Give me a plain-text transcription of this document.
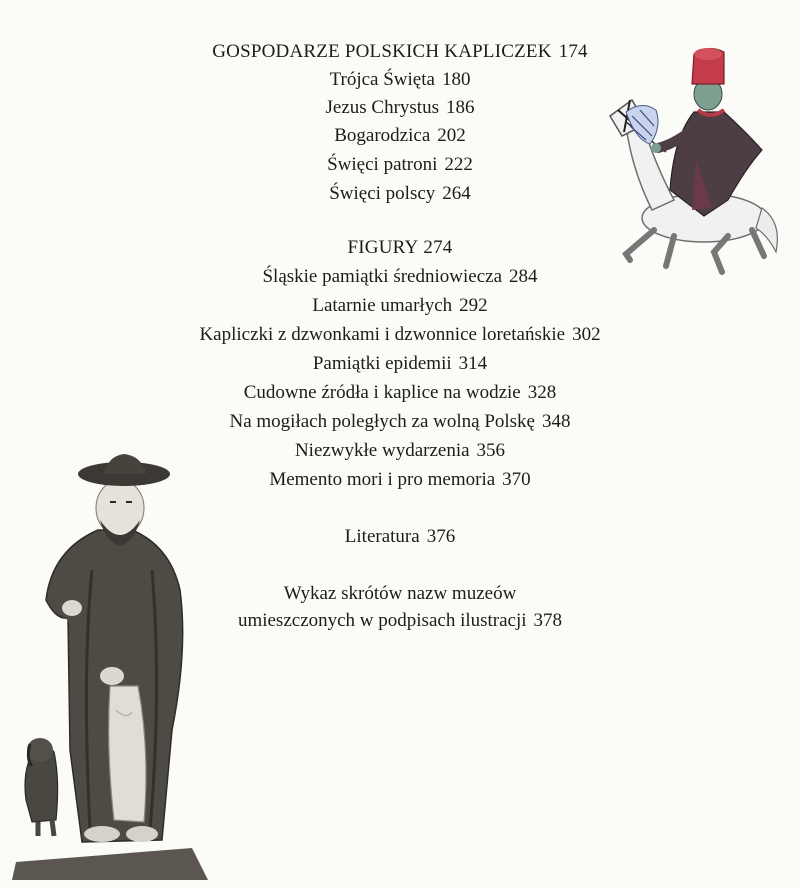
GOSPODARZE POLSKICH KAPLICZEK 174
Trójca Święta 180
Jezus Chrystus 186
Bogarodzica 202
Święci patroni 222
Święci polscy 264
FIGURY 274
Śląskie pamiątki średniowiecza 284
Latarnie umarłych 292
Kapliczki z dzwonkami i dzwonnice loretańskie 302
Pamiątki epidemii 314
Cudowne źródła i kaplice na wodzie 328
Na mogiłach poległych za wolną Polskę 348
Niezwykłe wydarzenia 356
Memento mori i pro memoria 370
Literatura 376
Wykaz skrótów nazw muzeów
umieszczonych w podpisach ilustracji 378
